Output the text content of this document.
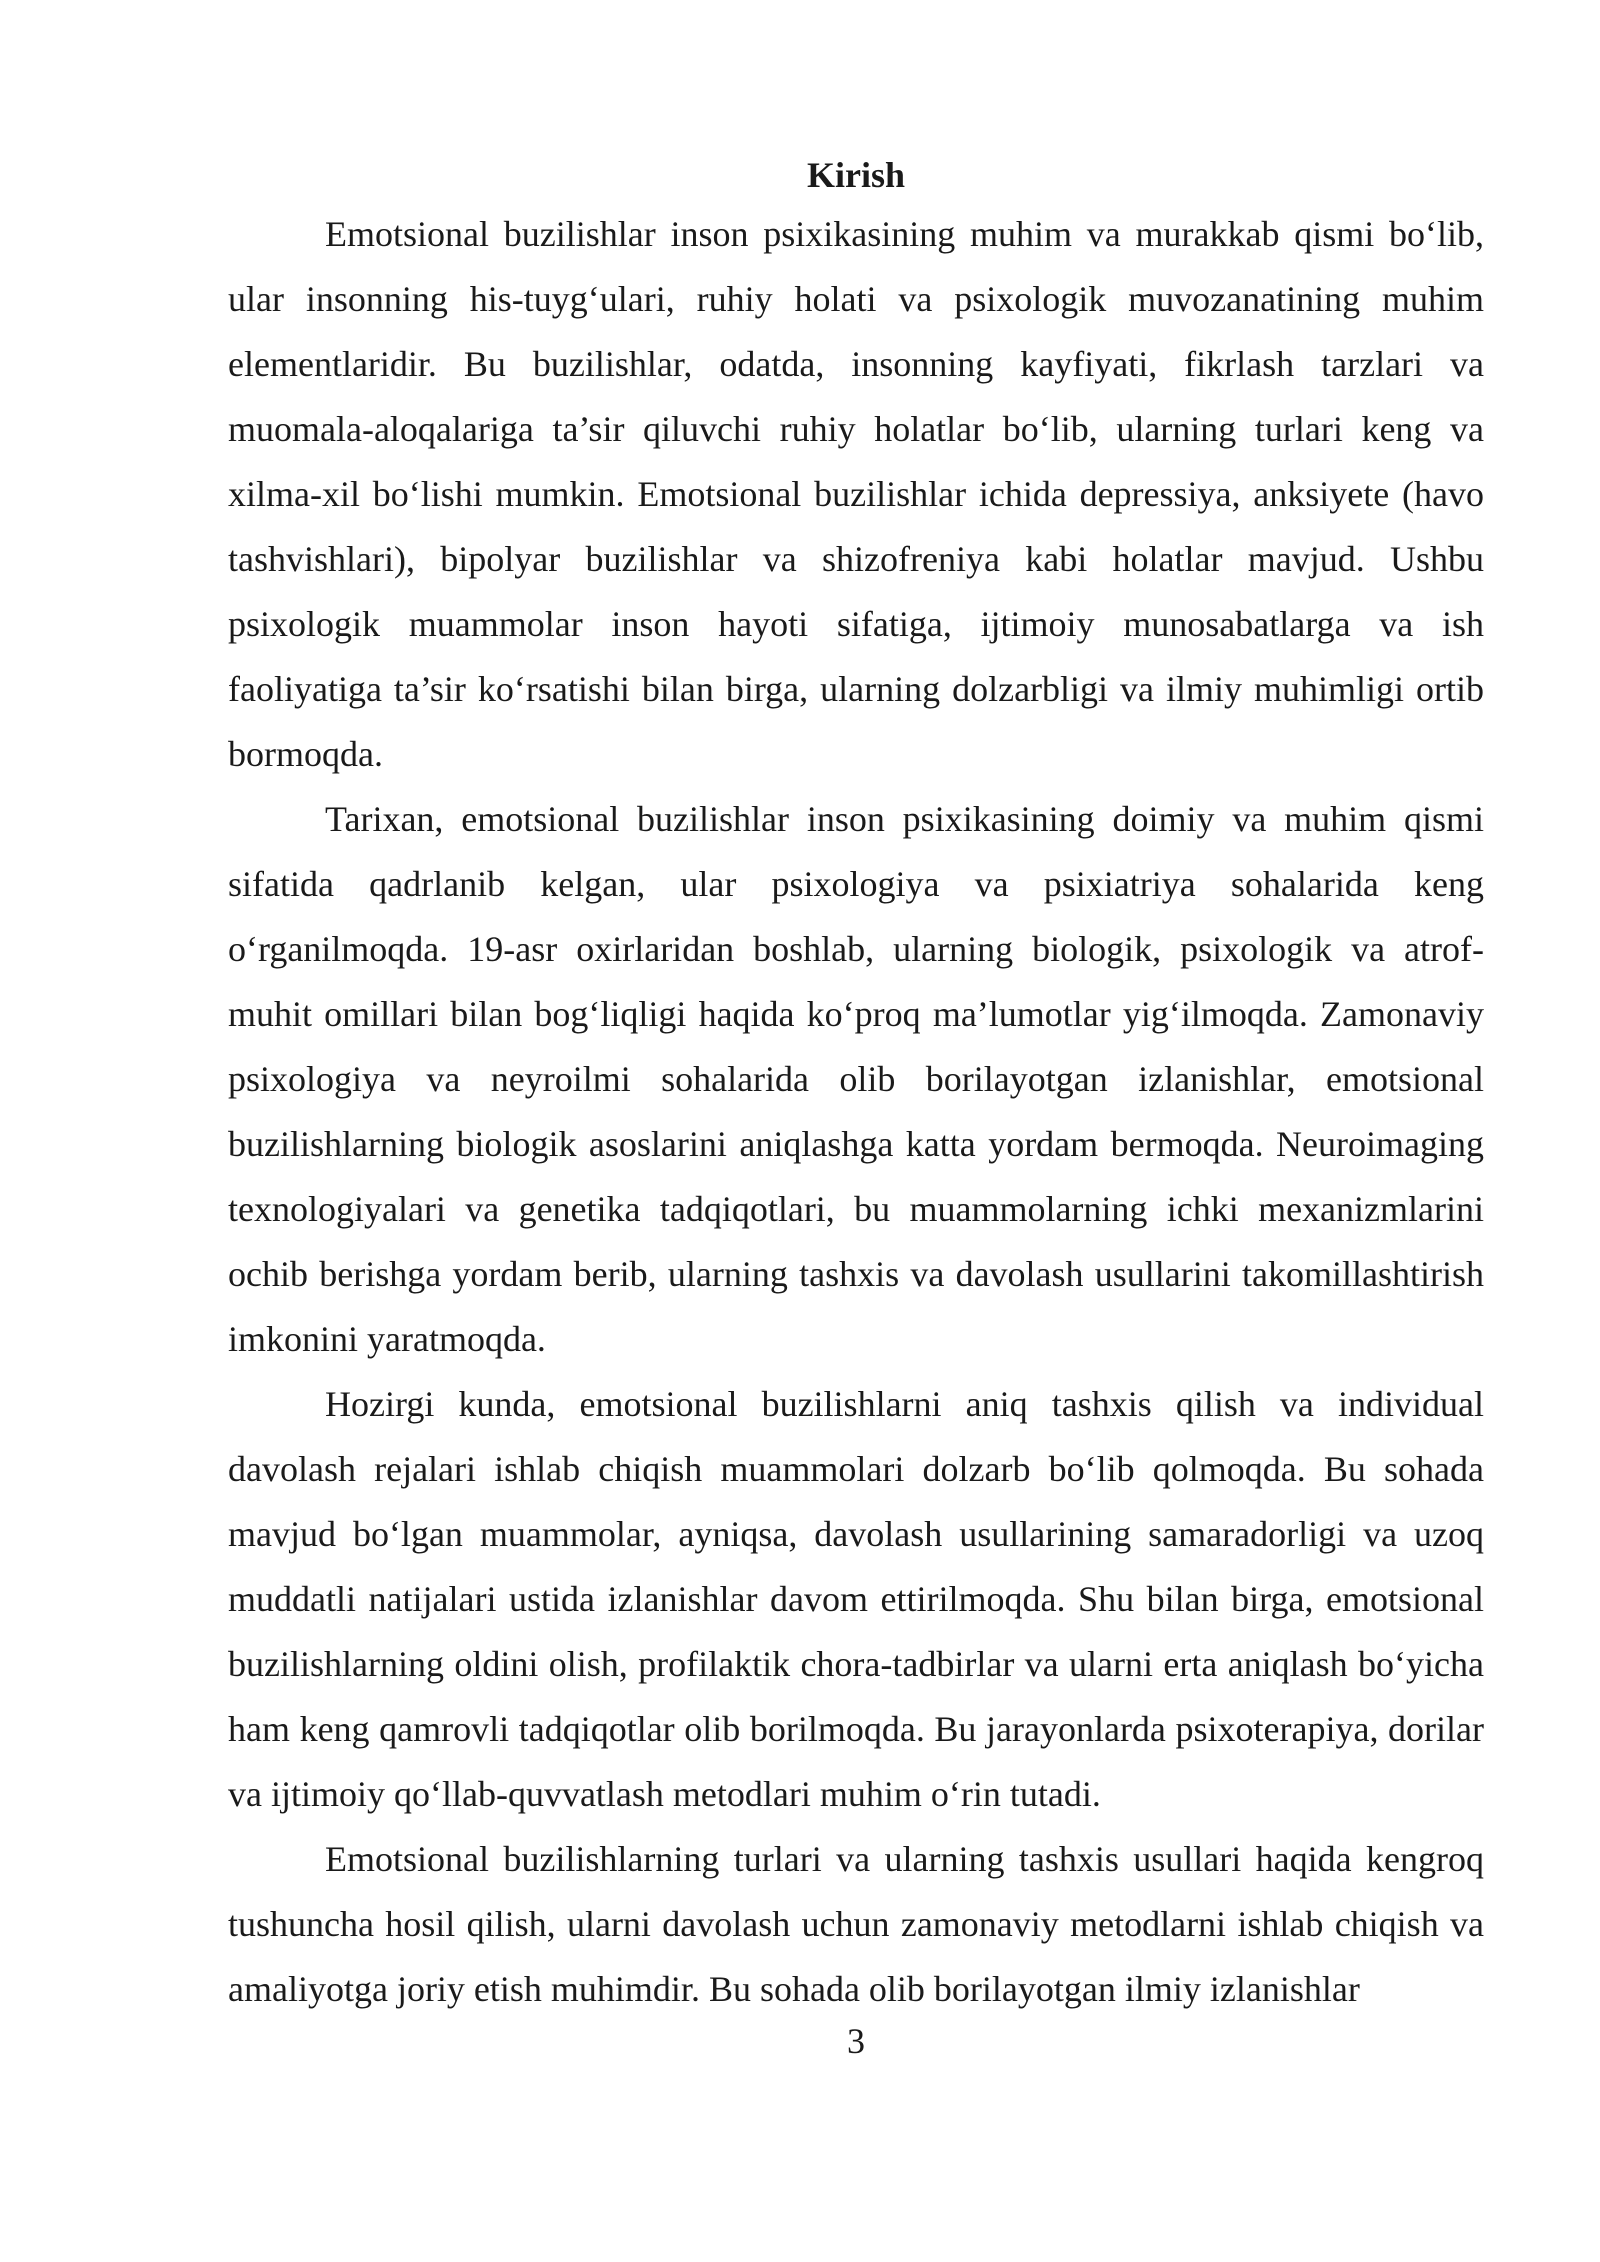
Kirish

Emotsional buzilishlar inson psixikasining muhim va murakkab qismi bo‘lib, ular insonning his-tuyg‘ulari, ruhiy holati va psixologik muvozanatining muhim elementlaridir. Bu buzilishlar, odatda, insonning kayfiyati, fikrlash tarzlari va muomala-aloqalariga ta’sir qiluvchi ruhiy holatlar bo‘lib, ularning turlari keng va xilma-xil bo‘lishi mumkin. Emotsional buzilishlar ichida depressiya, anksiyete (havo tashvishlari), bipolyar buzilishlar va shizofreniya kabi holatlar mavjud. Ushbu psixologik muammolar inson hayoti sifatiga, ijtimoiy munosabatlarga va ish faoliyatiga ta’sir ko‘rsatishi bilan birga, ularning dolzarbligi va ilmiy muhimligi ortib bormoqda.

Tarixan, emotsional buzilishlar inson psixikasining doimiy va muhim qismi sifatida qadrlanib kelgan, ular psixologiya va psixiatriya sohalarida keng o‘rganilmoqda. 19-asr oxirlaridan boshlab, ularning biologik, psixologik va atrof-muhit omillari bilan bog‘liqligi haqida ko‘proq ma’lumotlar yig‘ilmoqda. Zamonaviy psixologiya va neyroilmi sohalarida olib borilayotgan izlanishlar, emotsional buzilishlarning biologik asoslarini aniqlashga katta yordam bermoqda. Neuroimaging texnologiyalari va genetika tadqiqotlari, bu muammolarning ichki mexanizmlarini ochib berishga yordam berib, ularning tashxis va davolash usullarini takomillashtirish imkonini yaratmoqda.

Hozirgi kunda, emotsional buzilishlarni aniq tashxis qilish va individual davolash rejalari ishlab chiqish muammolari dolzarb bo‘lib qolmoqda. Bu sohada mavjud bo‘lgan muammolar, ayniqsa, davolash usullarining samaradorligi va uzoq muddatli natijalari ustida izlanishlar davom ettirilmoqda. Shu bilan birga, emotsional buzilishlarning oldini olish, profilaktik chora-tadbirlar va ularni erta aniqlash bo‘yicha ham keng qamrovli tadqiqotlar olib borilmoqda. Bu jarayonlarda psixoterapiya, dorilar va ijtimoiy qo‘llab-quvvatlash metodlari muhim o‘rin tutadi.

Emotsional buzilishlarning turlari va ularning tashxis usullari haqida kengroq tushuncha hosil qilish, ularni davolash uchun zamonaviy metodlarni ishlab chiqish va amaliyotga joriy etish muhimdir. Bu sohada olib borilayotgan ilmiy izlanishlar

3
